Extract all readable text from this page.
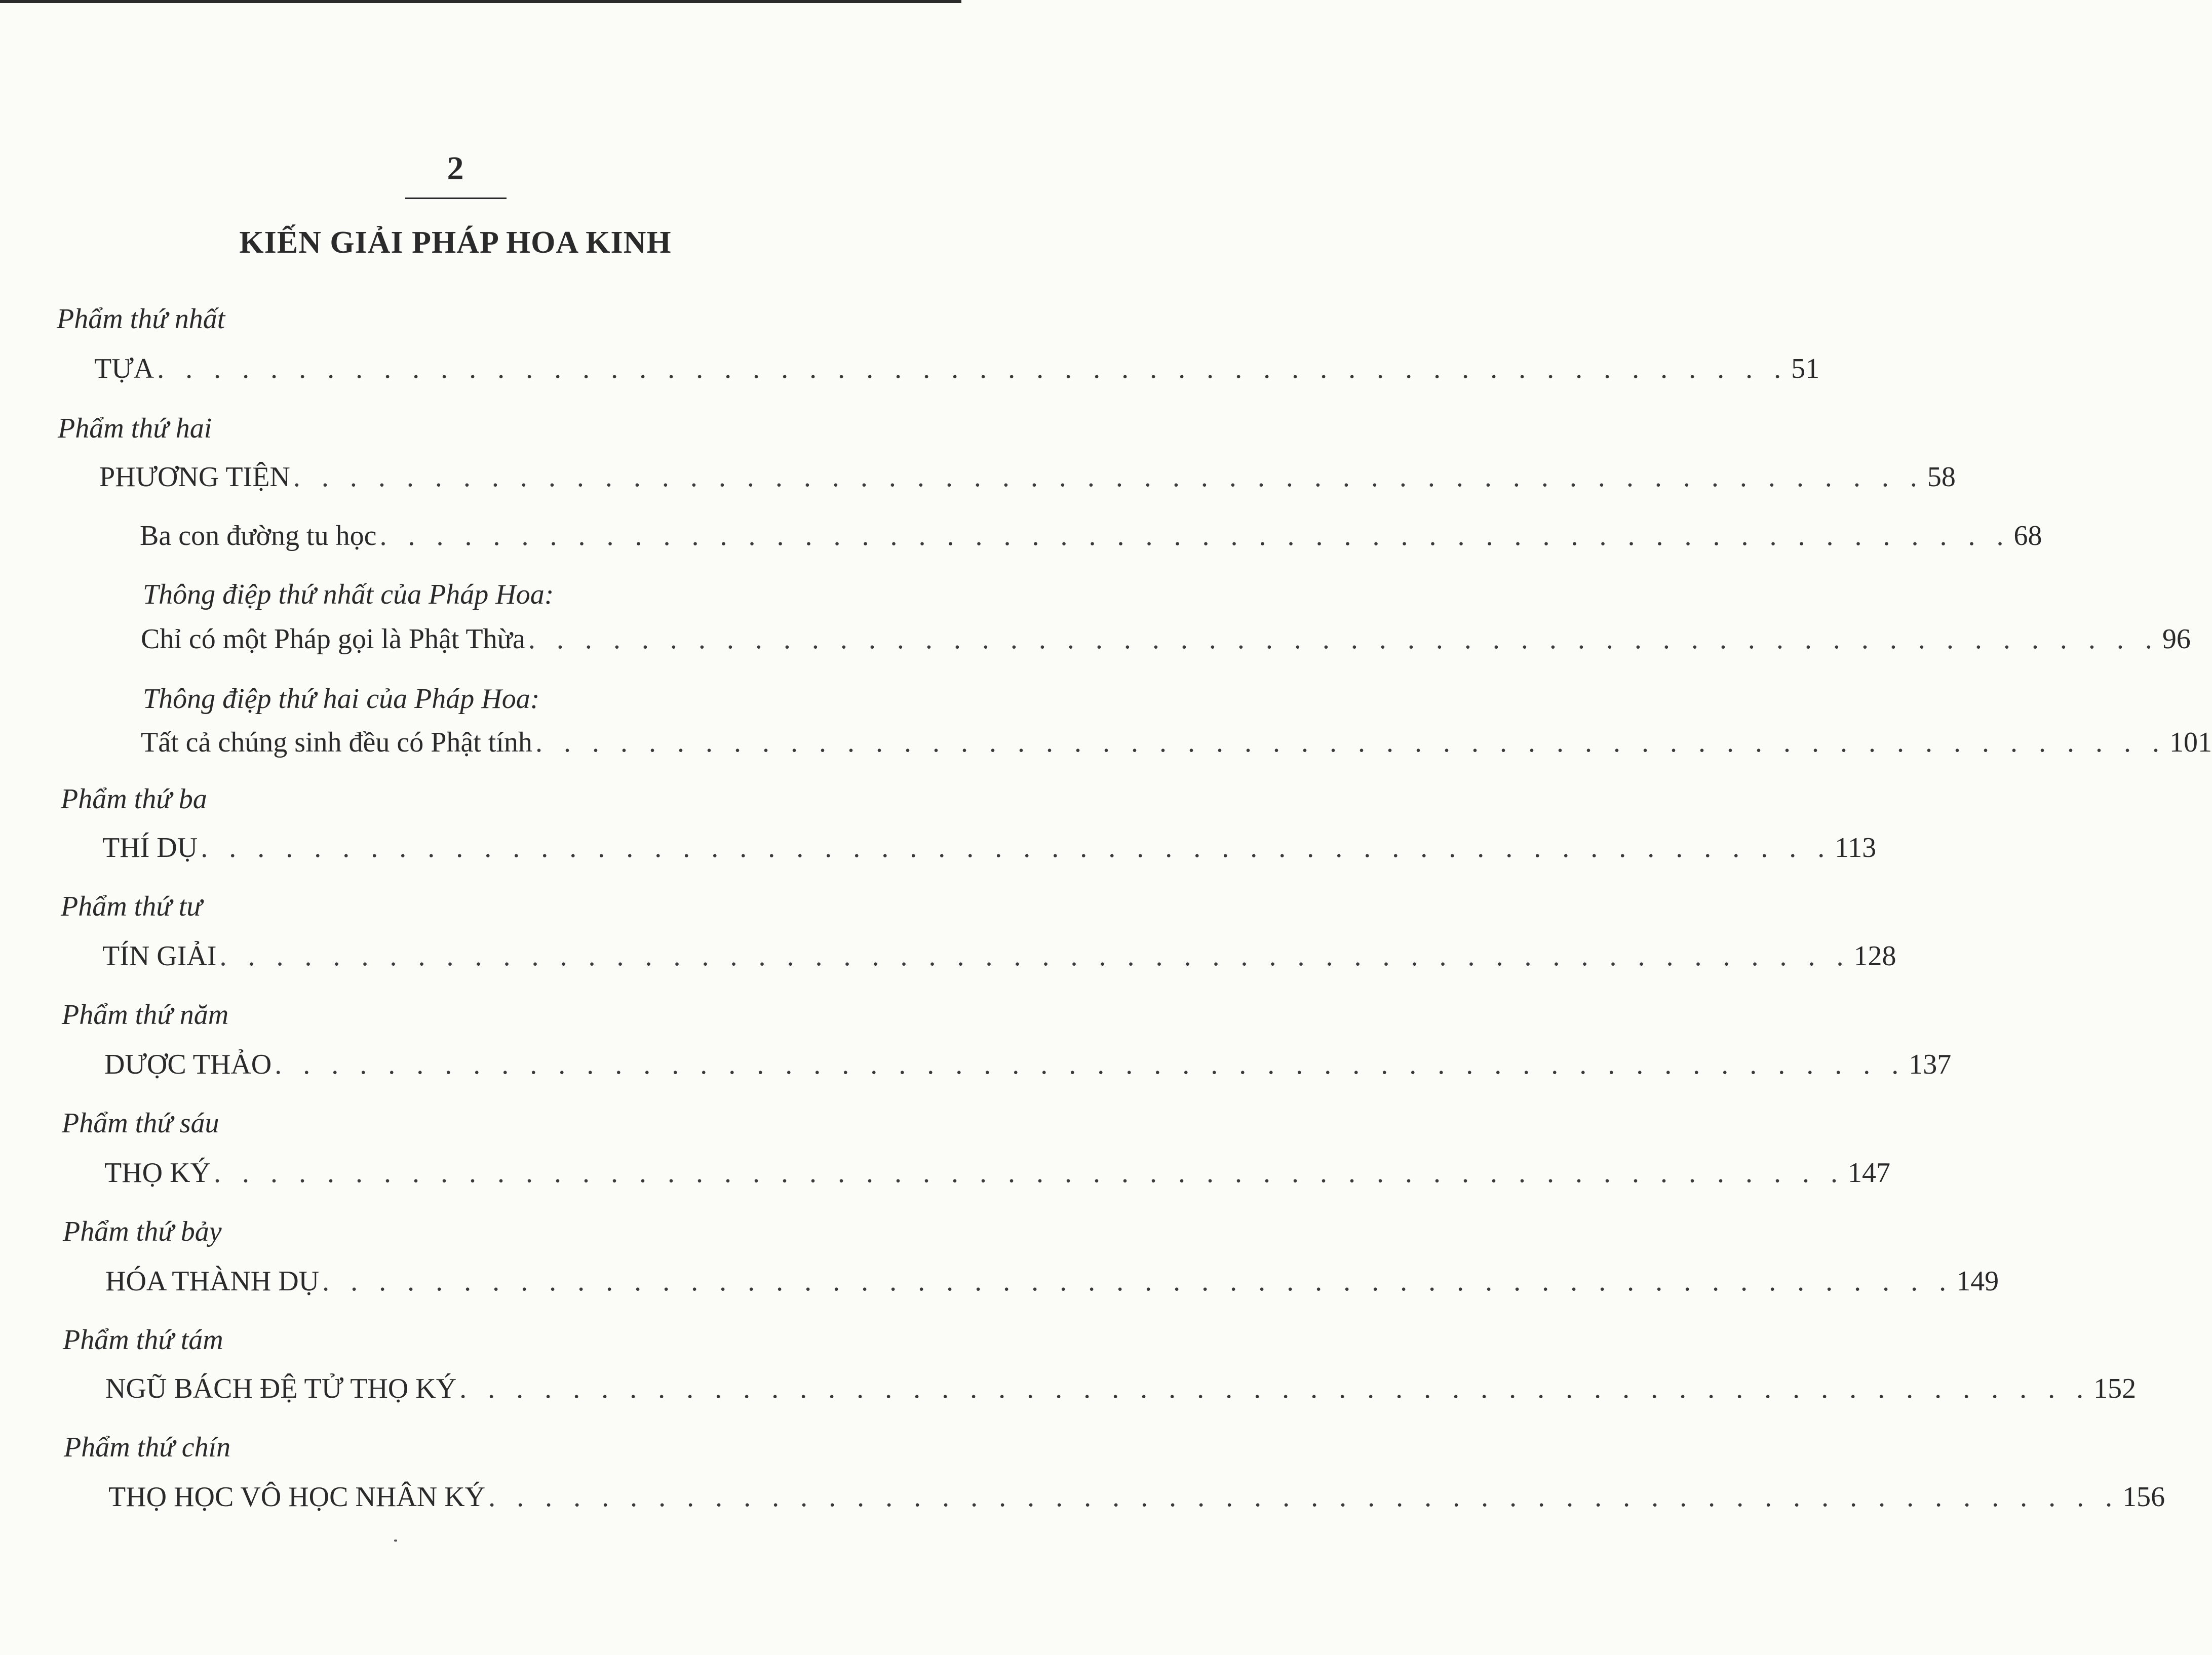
2
KIẾN GIẢI PHÁP HOA KINH
Phẩm thứ nhất
TỰA . . . . . . . . . . . . . . . . . . . . . . . . . . . . . . . . . . . . . . . . . . . . . . . . . . . . . . . . . . 51
Phẩm thứ hai
PHƯƠNG TIỆN . . . . . . . . . . . . . . . . . . . . . . . . . . . . . . . . . . . . . . . . . . . . . . . . . . . . . . . . . . 58
Ba con đường tu học . . . . . . . . . . . . . . . . . . . . . . . . . . . . . . . . . . . . . . . . . . . . . . . . . . . . . . . . . . 68
Thông điệp thứ nhất của Pháp Hoa:
Chỉ có một Pháp gọi là Phật Thừa . . . . . . . . . . . . . . . . . . . . . . . . . . . . . . . . . . . . . . . . . . . . . . . . . . . . . . . . . . 96
Thông điệp thứ hai của Pháp Hoa:
Tất cả chúng sinh đều có Phật tính . . . . . . . . . . . . . . . . . . . . . . . . . . . . . . . . . . . . . . . . . . . . . . . . . . . . . . . . . . 101
Phẩm thứ ba
THÍ DỤ . . . . . . . . . . . . . . . . . . . . . . . . . . . . . . . . . . . . . . . . . . . . . . . . . . . . . . . . . . 113
Phẩm thứ tư
TÍN GIẢI . . . . . . . . . . . . . . . . . . . . . . . . . . . . . . . . . . . . . . . . . . . . . . . . . . . . . . . . . . 128
Phẩm thứ năm
DƯỢC THẢO . . . . . . . . . . . . . . . . . . . . . . . . . . . . . . . . . . . . . . . . . . . . . . . . . . . . . . . . . . 137
Phẩm thứ sáu
THỌ KÝ . . . . . . . . . . . . . . . . . . . . . . . . . . . . . . . . . . . . . . . . . . . . . . . . . . . . . . . . . . 147
Phẩm thứ bảy
HÓA THÀNH DỤ . . . . . . . . . . . . . . . . . . . . . . . . . . . . . . . . . . . . . . . . . . . . . . . . . . . . . . . . . . 149
Phẩm thứ tám
NGŨ BÁCH ĐỆ TỬ THỌ KÝ . . . . . . . . . . . . . . . . . . . . . . . . . . . . . . . . . . . . . . . . . . . . . . . . . . . . . . . . . . 152
Phẩm thứ chín
THỌ HỌC VÔ HỌC NHÂN KÝ . . . . . . . . . . . . . . . . . . . . . . . . . . . . . . . . . . . . . . . . . . . . . . . . . . . . . . . . . . 156
